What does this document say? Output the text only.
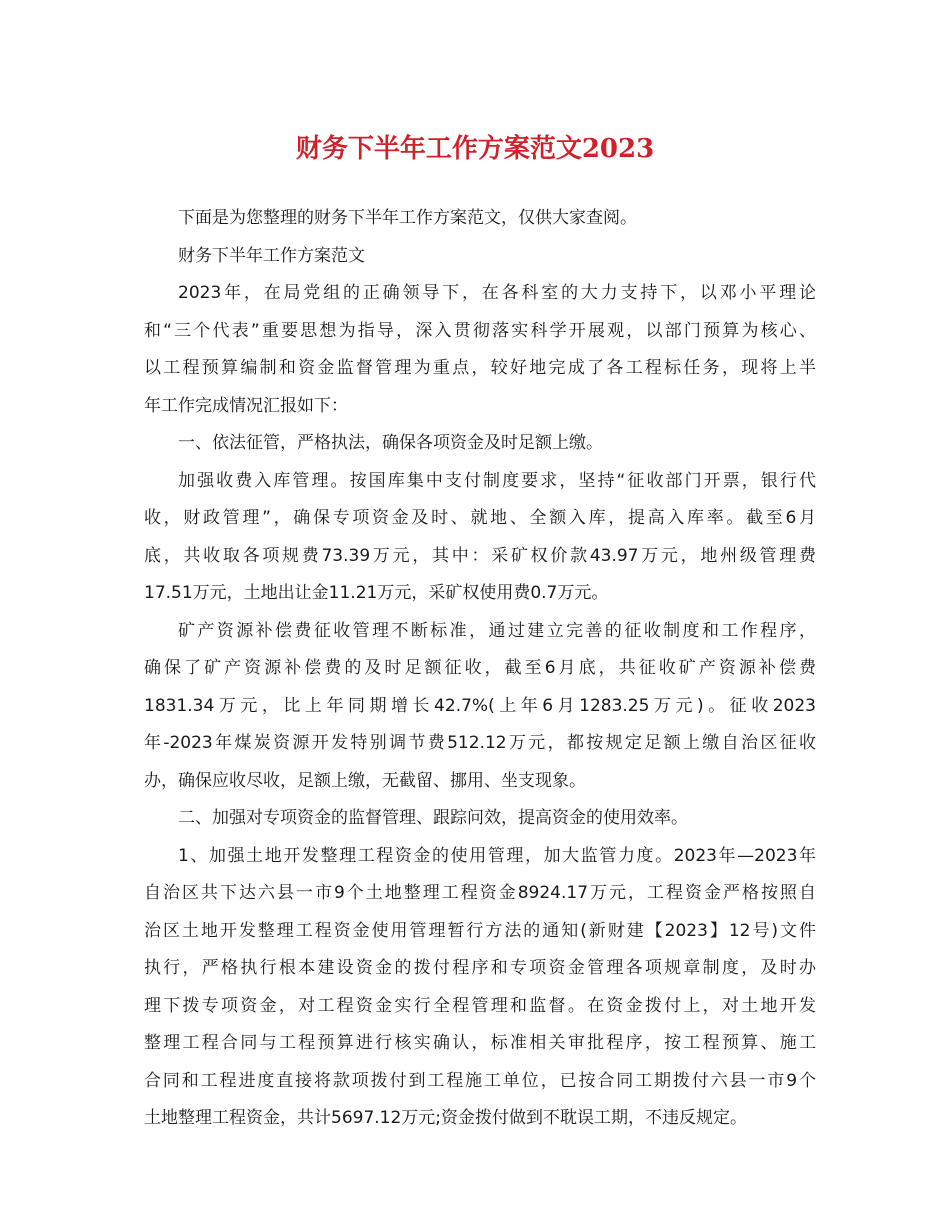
财务下半年工作方案范文2023
下面是为您整理的财务下半年工作方案范文，仅供大家查阅。
财务下半年工作方案范文
2023年，在局党组的正确领导下，在各科室的大力支持下，以邓小平理论
和“三个代表”重要思想为指导，深入贯彻落实科学开展观，以部门预算为核心、
以工程预算编制和资金监督管理为重点，较好地完成了各工程标任务，现将上半
年工作完成情况汇报如下：
一、依法征管，严格执法，确保各项资金及时足额上缴。
加强收费入库管理。按国库集中支付制度要求，坚持“征收部门开票，银行代
收，财政管理”，确保专项资金及时、就地、全额入库，提高入库率。截至6月
底，共收取各项规费73.39万元，其中：采矿权价款43.97万元，地州级管理费
17.51万元，土地出让金11.21万元，采矿权使用费0.7万元。
矿产资源补偿费征收管理不断标准，通过建立完善的征收制度和工作程序，
确保了矿产资源补偿费的及时足额征收，截至6月底，共征收矿产资源补偿费
1831.34万元，比上年同期增长42.7%(上年6月1283.25万元)。征收2023
年-2023年煤炭资源开发特别调节费512.12万元，都按规定足额上缴自治区征收
办，确保应收尽收，足额上缴，无截留、挪用、坐支现象。
二、加强对专项资金的监督管理、跟踪问效，提高资金的使用效率。
1、加强土地开发整理工程资金的使用管理，加大监管力度。2023年—2023年
自治区共下达六县一市9个土地整理工程资金8924.17万元，工程资金严格按照自
治区土地开发整理工程资金使用管理暂行方法的通知(新财建【2023】12号)文件
执行，严格执行根本建设资金的拨付程序和专项资金管理各项规章制度，及时办
理下拨专项资金，对工程资金实行全程管理和监督。在资金拨付上，对土地开发
整理工程合同与工程预算进行核实确认，标准相关审批程序，按工程预算、施工
合同和工程进度直接将款项拨付到工程施工单位，已按合同工期拨付六县一市9个
土地整理工程资金，共计5697.12万元;资金拨付做到不耽误工期，不违反规定。
